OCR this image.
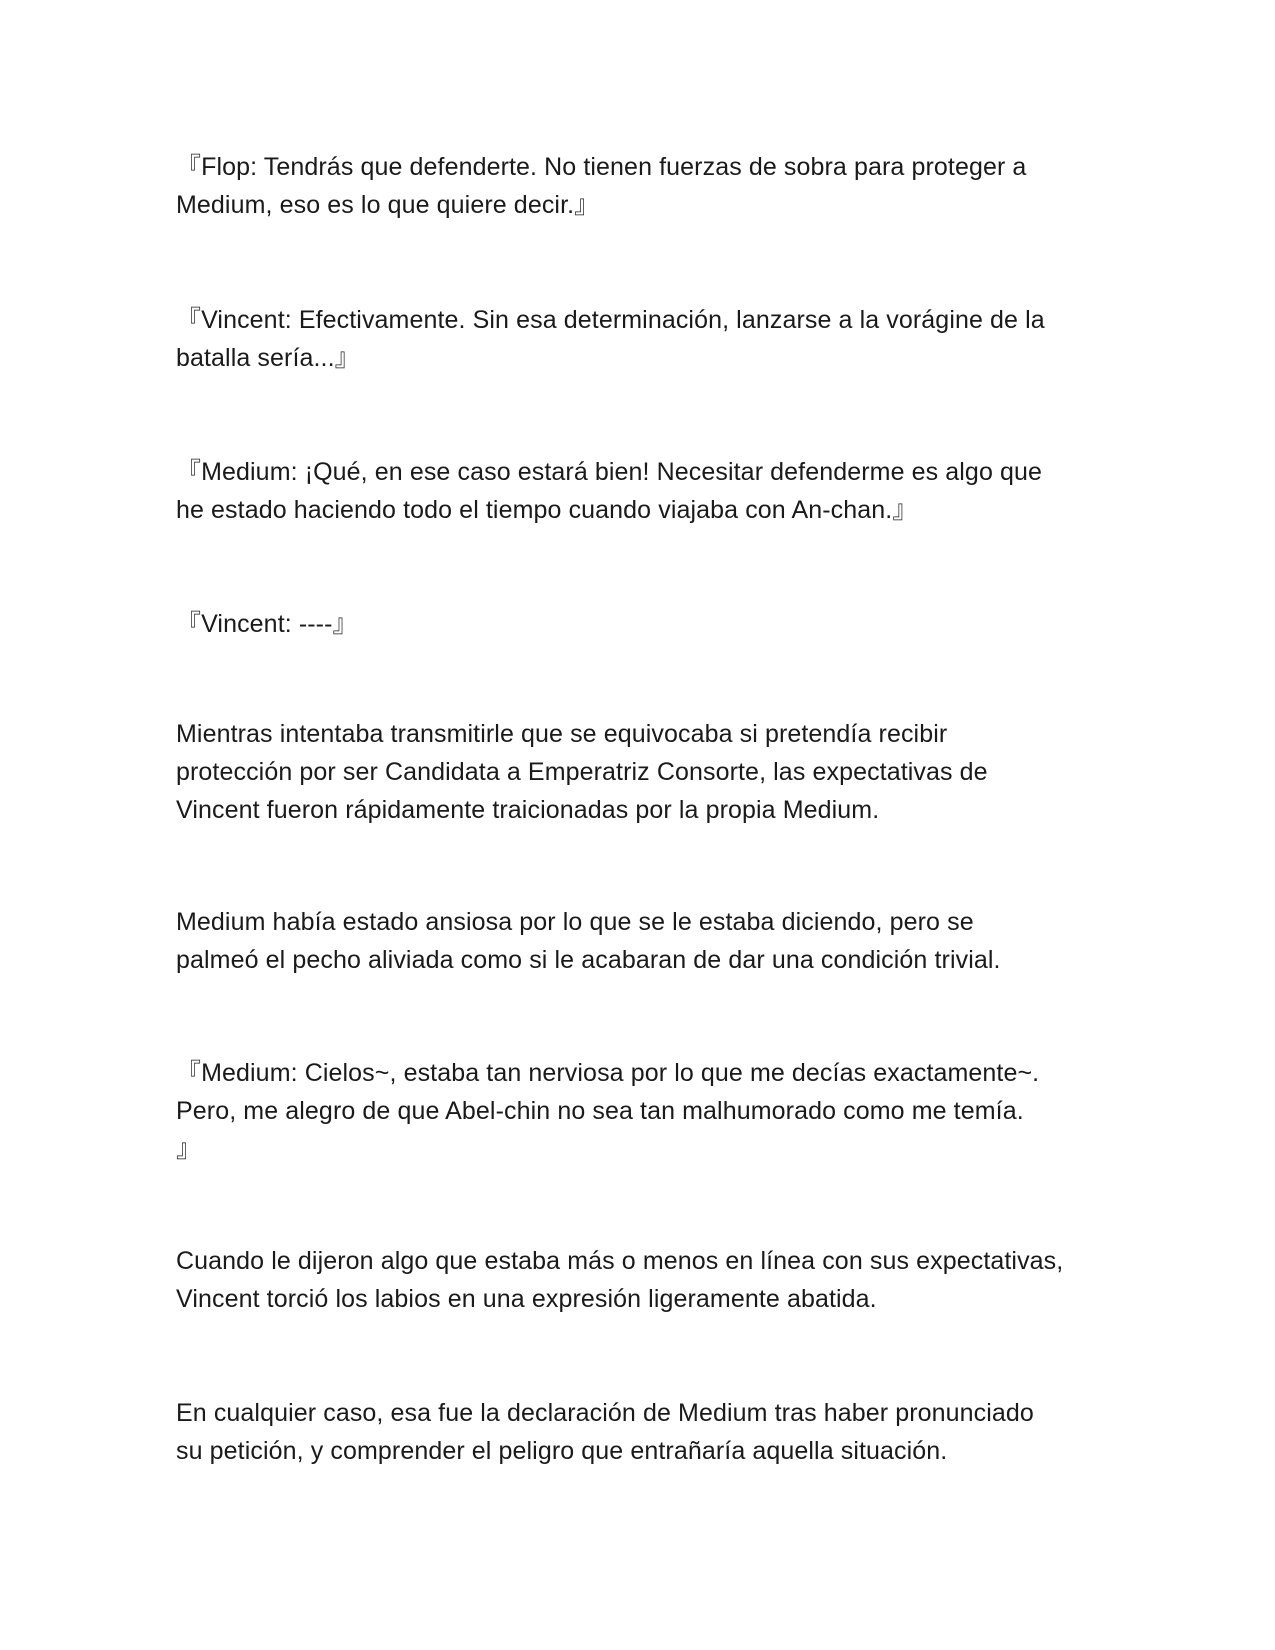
『Flop: Tendrás que defenderte. No tienen fuerzas de sobra para proteger a
Medium, eso es lo que quiere decir.』
『Vincent: Efectivamente. Sin esa determinación, lanzarse a la vorágine de la
batalla sería...』
『Medium: ¡Qué, en ese caso estará bien! Necesitar defenderme es algo que
he estado haciendo todo el tiempo cuando viajaba con An-chan.』
『Vincent: ----』
Mientras intentaba transmitirle que se equivocaba si pretendía recibir
protección por ser Candidata a Emperatriz Consorte, las expectativas de
Vincent fueron rápidamente traicionadas por la propia Medium.
Medium había estado ansiosa por lo que se le estaba diciendo, pero se
palmeó el pecho aliviada como si le acabaran de dar una condición trivial.
『Medium: Cielos~, estaba tan nerviosa por lo que me decías exactamente~.
Pero, me alegro de que Abel-chin no sea tan malhumorado como me temía.
』
Cuando le dijeron algo que estaba más o menos en línea con sus expectativas,
Vincent torció los labios en una expresión ligeramente abatida.
En cualquier caso, esa fue la declaración de Medium tras haber pronunciado
su petición, y comprender el peligro que entrañaría aquella situación.
